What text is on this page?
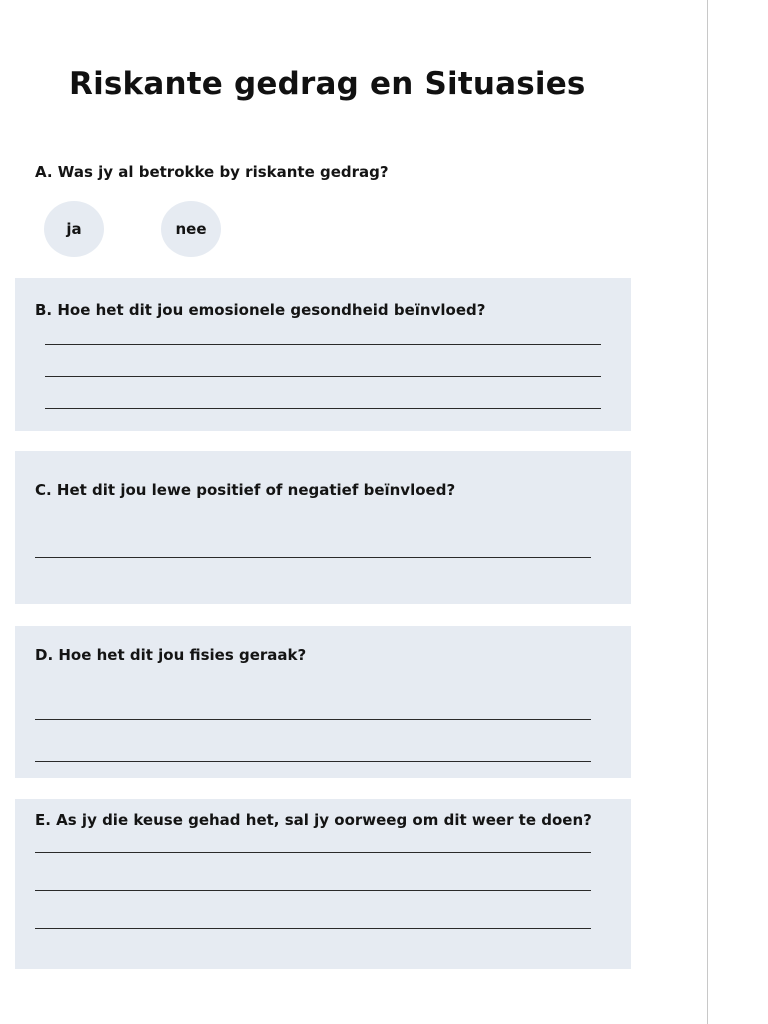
Riskante gedrag en Situasies

A. Was jy al betrokke by riskante gedrag?

ja	nee

B. Hoe het dit jou emosionele gesondheid beïnvloed?

C. Het dit jou lewe positief of negatief beïnvloed?

D. Hoe het dit jou fisies geraak?

E. As jy die keuse gehad het, sal jy oorweeg om dit weer te doen?
